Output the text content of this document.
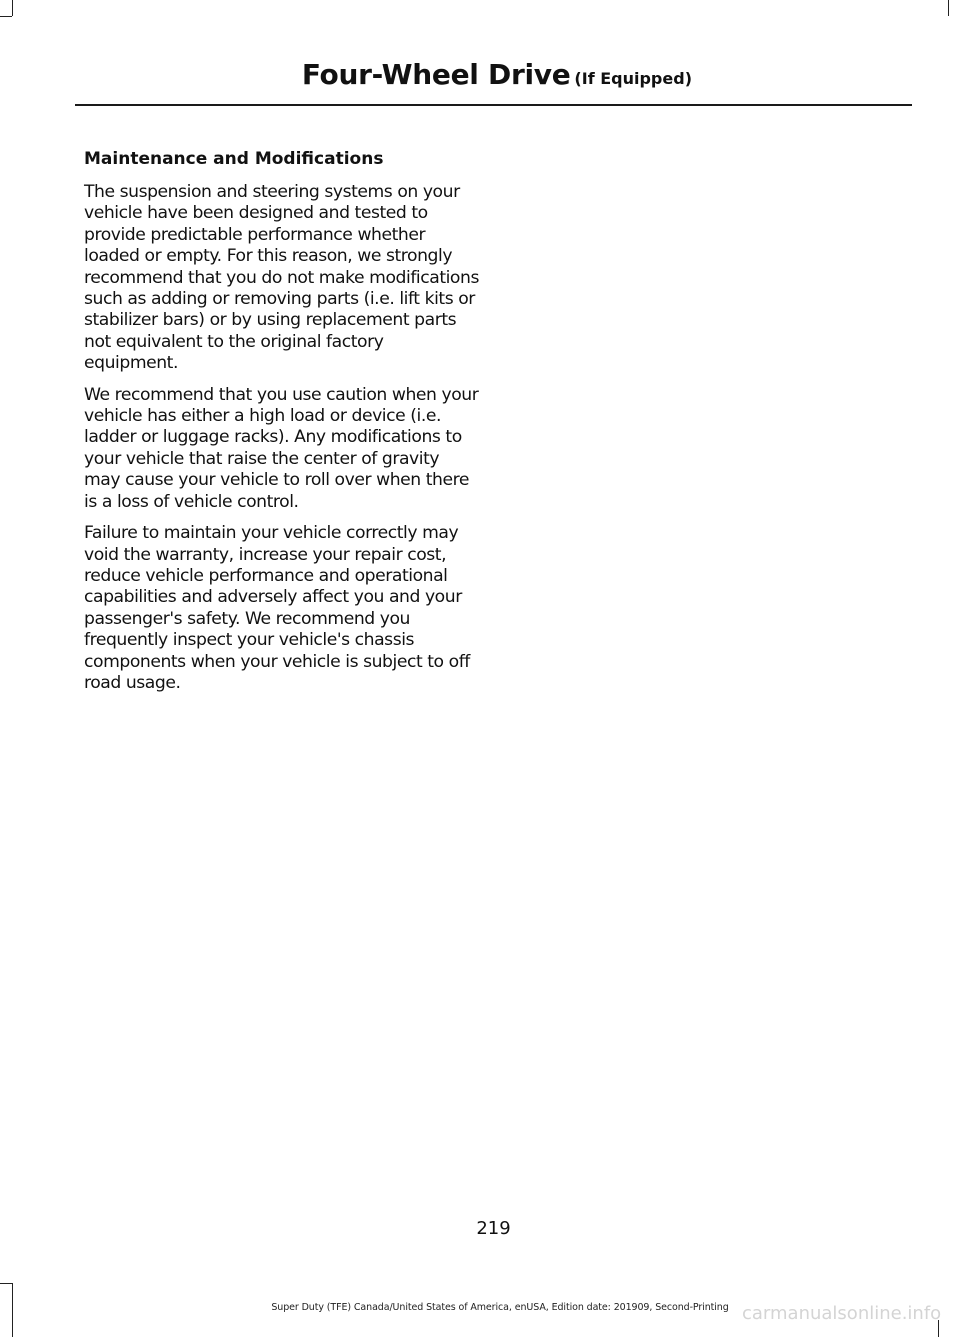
Four-Wheel Drive (If Equipped)
Maintenance and Modifications

The suspension and steering systems on your vehicle have been designed and tested to provide predictable performance whether loaded or empty. For this reason, we strongly recommend that you do not make modifications such as adding or removing parts (i.e. lift kits or stabilizer bars) or by using replacement parts not equivalent to the original factory equipment.

We recommend that you use caution when your vehicle has either a high load or device (i.e. ladder or luggage racks). Any modifications to your vehicle that raise the center of gravity may cause your vehicle to roll over when there is a loss of vehicle control.

Failure to maintain your vehicle correctly may void the warranty, increase your repair cost, reduce vehicle performance and operational capabilities and adversely affect you and your passenger's safety. We recommend you frequently inspect your vehicle's chassis components when your vehicle is subject to off road usage.

219
Super Duty (TFE) Canada/United States of America, enUSA, Edition date: 201909, Second-Printing carmanualsonline.info
